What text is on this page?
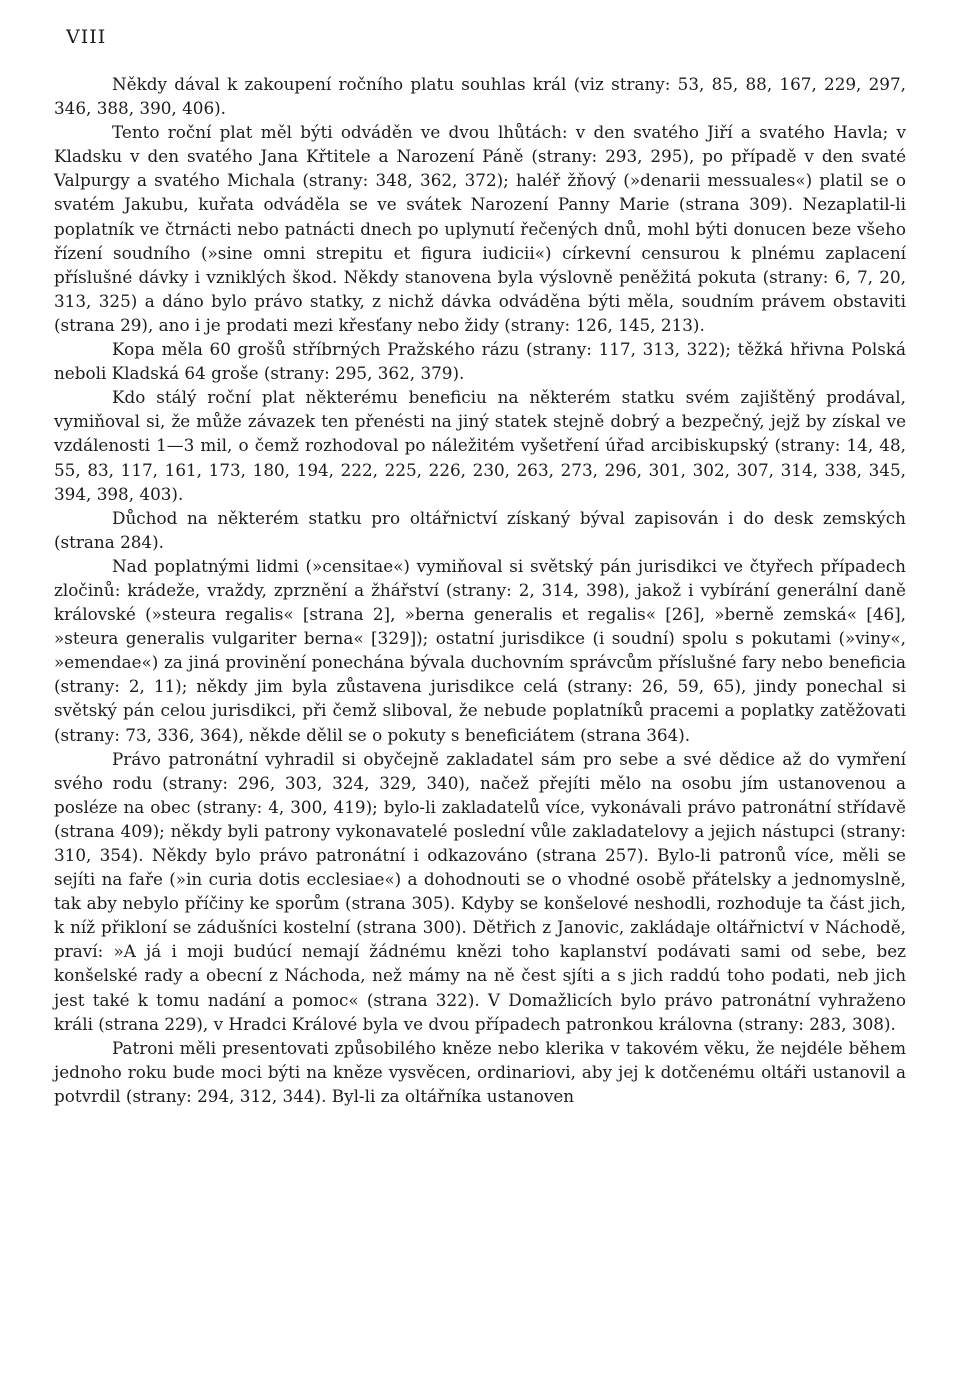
VIII

Někdy dával k zakoupení ročního platu souhlas král (viz strany: 53, 85, 88, 167, 229, 297, 346, 388, 390, 406).

Tento roční plat měl býti odváděn ve dvou lhůtách: v den svatého Jiří a svatého Havla; v Kladsku v den svatého Jana Křtitele a Narození Páně (strany: 293, 295), po případě v den svaté Valpurgy a svatého Michala (strany: 348, 362, 372); haléř žňový (»denarii messuales«) platil se o svatém Jakubu, kuřata odváděla se ve svátek Narození Panny Marie (strana 309). Nezaplatil-li poplatník ve čtrnácti nebo patnácti dnech po uplynutí řečených dnů, mohl býti donucen beze všeho řízení soudního (»sine omni strepitu et figura iudicii«) církevní censurou k plnému zaplacení příslušné dávky i vzniklých škod. Někdy stanovena byla výslovně peněžitá pokuta (strany: 6, 7, 20, 313, 325) a dáno bylo právo statky, z nichž dávka odváděna býti měla, soudním právem obstaviti (strana 29), ano i je prodati mezi křesťany nebo židy (strany: 126, 145, 213).

Kopa měla 60 grošů stříbrných Pražského rázu (strany: 117, 313, 322); těžká hřivna Polská neboli Kladská 64 groše (strany: 295, 362, 379).

Kdo stálý roční plat některému beneficiu na některém statku svém zajištěný prodával, vymiňoval si, že může závazek ten přenésti na jiný statek stejně dobrý a bezpečný, jejž by získal ve vzdálenosti 1—3 mil, o čemž rozhodoval po náležitém vyšetření úřad arcibiskupský (strany: 14, 48, 55, 83, 117, 161, 173, 180, 194, 222, 225, 226, 230, 263, 273, 296, 301, 302, 307, 314, 338, 345, 394, 398, 403).

Důchod na některém statku pro oltářnictví získaný býval zapisován i do desk zemských (strana 284).

Nad poplatnými lidmi (»censitae«) vymiňoval si světský pán jurisdikci ve čtyřech případech zločinů: krádeže, vraždy, zprznění a žhářství (strany: 2, 314, 398), jakož i vybírání generální daně královské (»steura regalis« [strana 2], »berna generalis et regalis« [26], »berně zemská« [46], »steura generalis vulgariter berna« [329]); ostatní jurisdikce (i soudní) spolu s pokutami (»viny«, »emendae«) za jiná provinění ponechána bývala duchovním správcům příslušné fary nebo beneficia (strany: 2, 11); někdy jim byla zůstavena jurisdikce celá (strany: 26, 59, 65), jindy ponechal si světský pán celou jurisdikci, při čemž sliboval, že nebude poplatníků pracemi a poplatky zatěžovati (strany: 73, 336, 364), někde dělil se o pokuty s beneficiátem (strana 364).

Právo patronátní vyhradil si obyčejně zakladatel sám pro sebe a své dědice až do vymření svého rodu (strany: 296, 303, 324, 329, 340), načež přejíti mělo na osobu jím ustanovenou a posléze na obec (strany: 4, 300, 419); bylo-li zakladatelů více, vykonávali právo patronátní střídavě (strana 409); někdy byli patrony vykonavatelé poslední vůle zakladatelovy a jejich nástupci (strany: 310, 354). Někdy bylo právo patronátní i odkazováno (strana 257). Bylo-li patronů více, měli se sejíti na faře (»in curia dotis ecclesiae«) a dohodnouti se o vhodné osobě přátelsky a jednomyslně, tak aby nebylo příčiny ke sporům (strana 305). Kdyby se konšelové neshodli, rozhoduje ta část jich, k níž přikloní se zádušníci kostelní (strana 300). Dětřich z Janovic, zakládaje oltářnictví v Náchodě, praví: »A já i moji budúcí nemají žádnému knězi toho kaplanství podávati sami od sebe, bez konšelské rady a obecní z Náchoda, než mámy na ně čest sjíti a s jich raddú toho podati, neb jich jest také k tomu nadání a pomoc« (strana 322). V Domažlicích bylo právo patronátní vyhraženo králi (strana 229), v Hradci Králové byla ve dvou případech patronkou královna (strany: 283, 308).

Patroni měli presentovati způsobilého kněze nebo klerika v takovém věku, že nejdéle během jednoho roku bude moci býti na kněze vysvěcen, ordinariovi, aby jej k dotčenému oltáři ustanovil a potvrdil (strany: 294, 312, 344). Byl-li za oltářníka ustanoven
